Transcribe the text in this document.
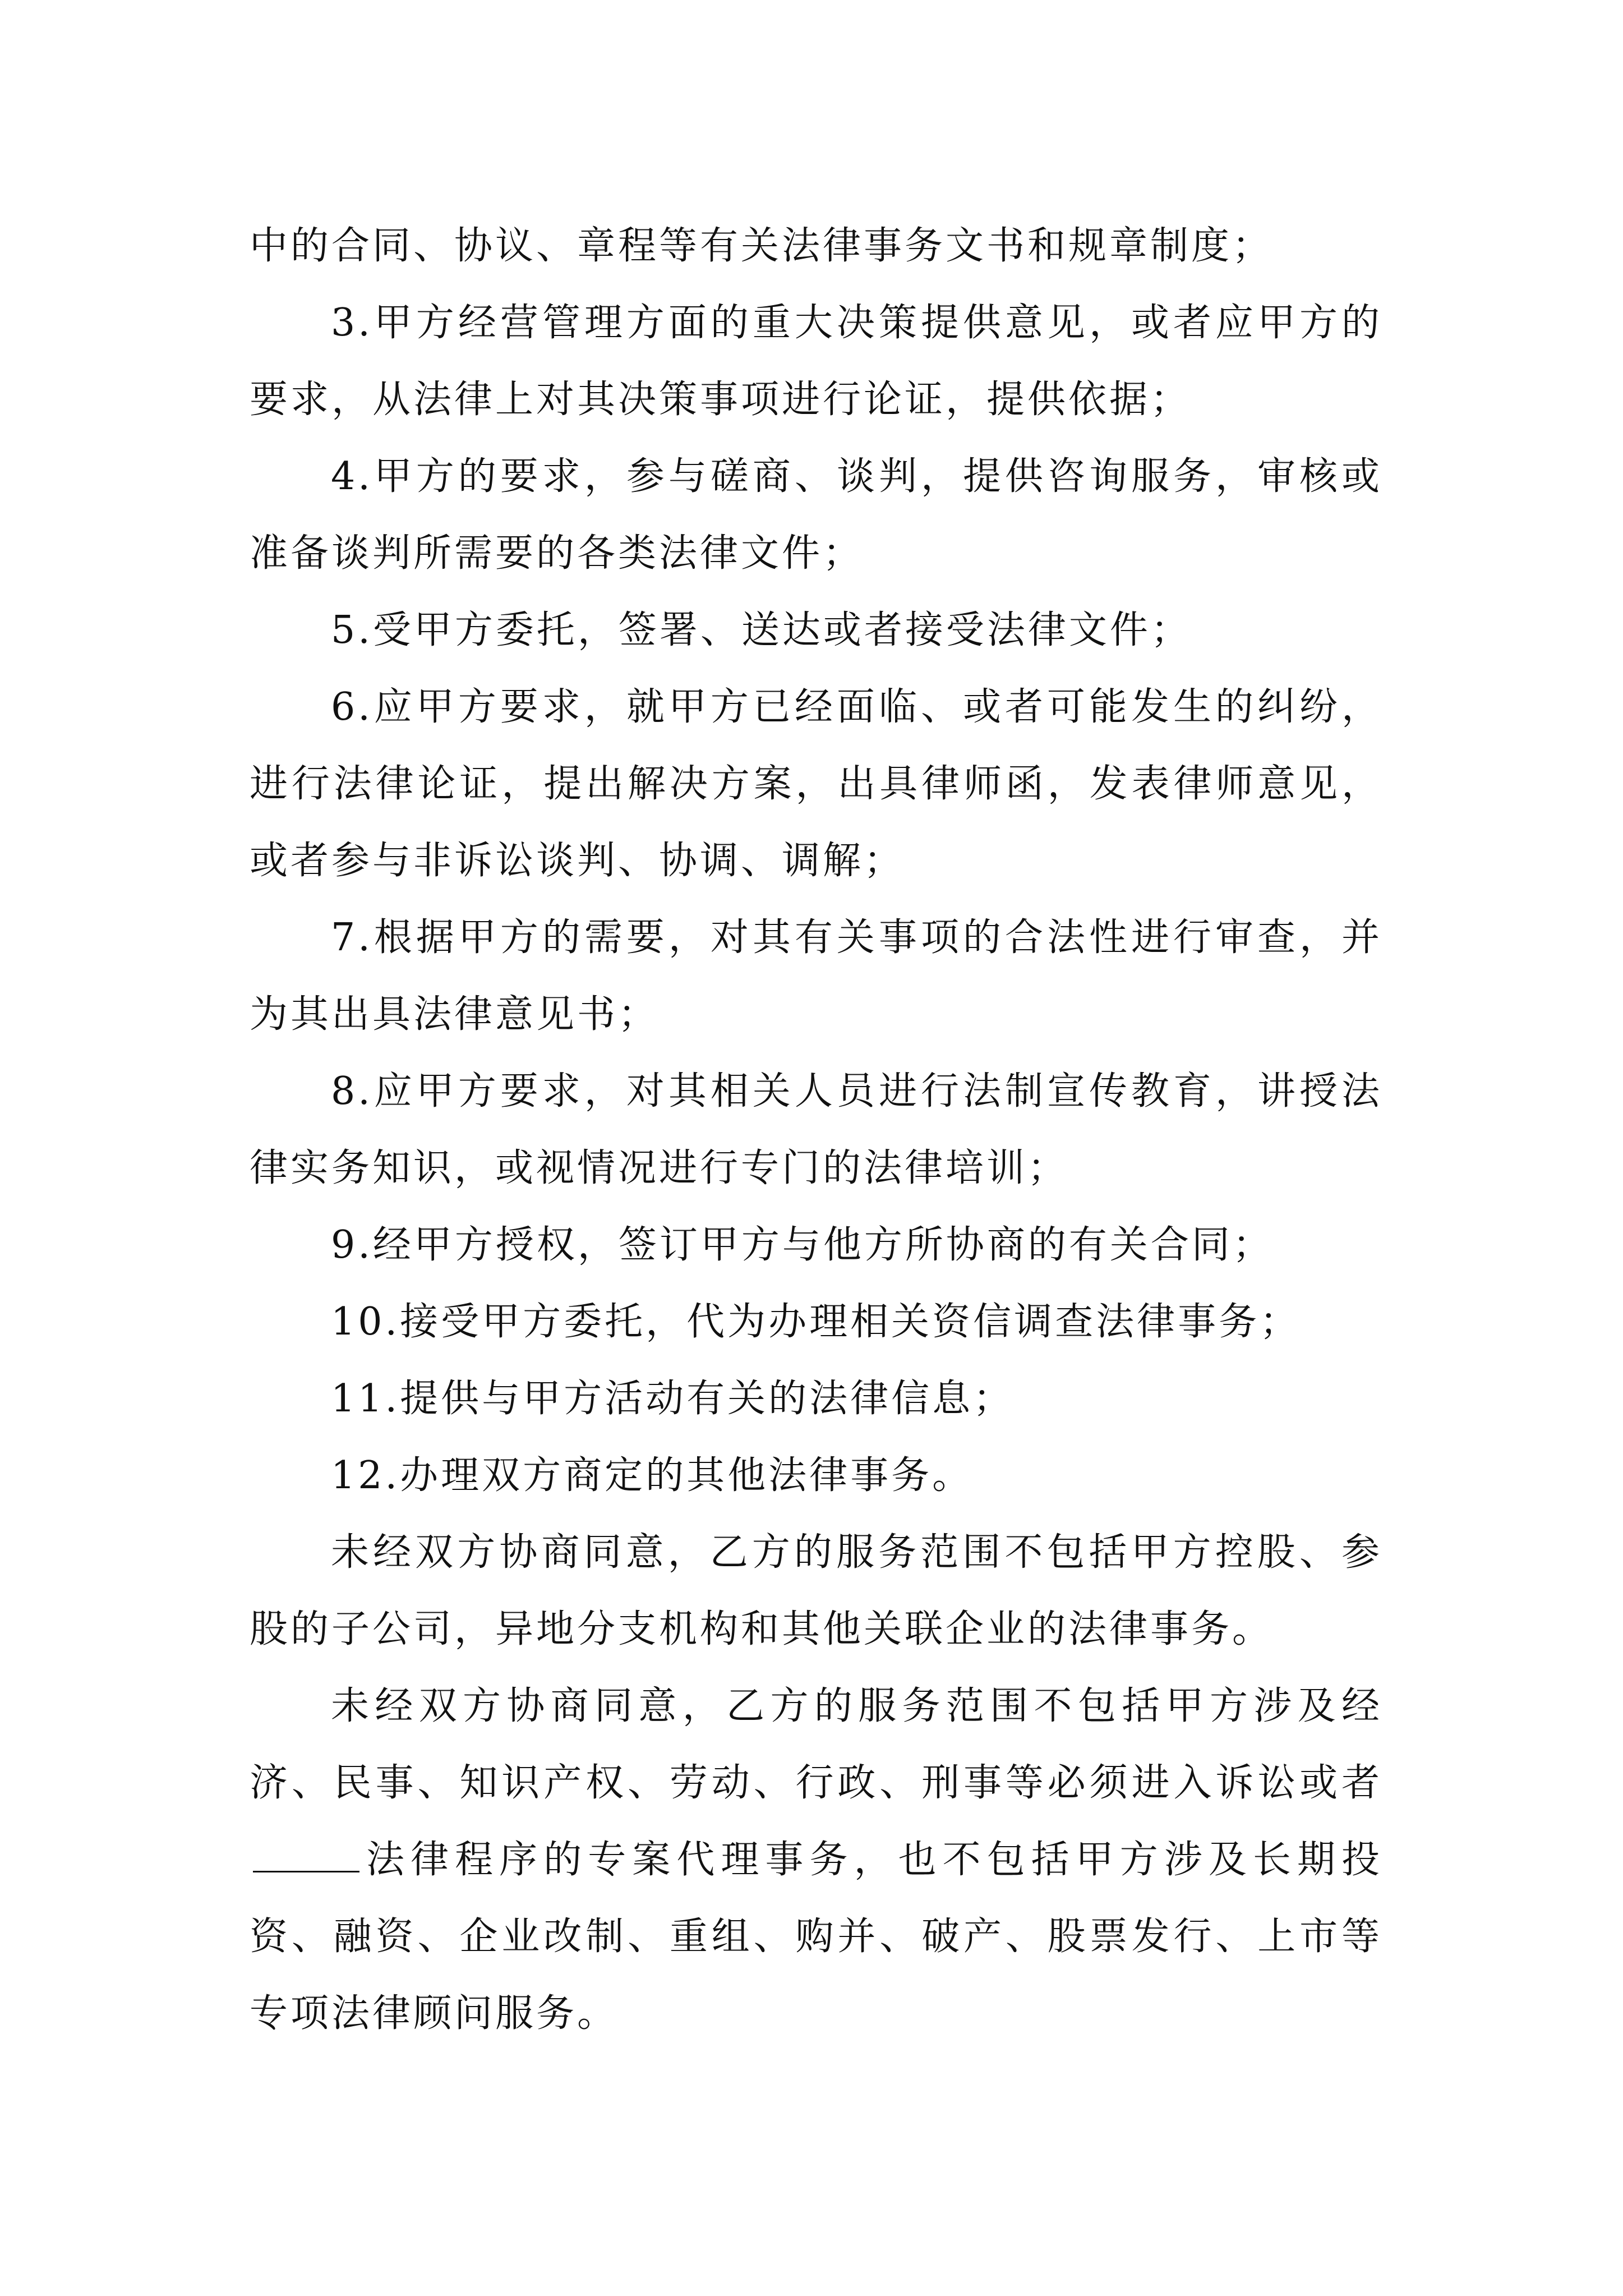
中的合同、协议、章程等有关法律事务文书和规章制度；

3.甲方经营管理方面的重大决策提供意见，或者应甲方的要求，从法律上对其决策事项进行论证，提供依据；

4.甲方的要求，参与磋商、谈判，提供咨询服务，审核或准备谈判所需要的各类法律文件；

5.受甲方委托，签署、送达或者接受法律文件；

6.应甲方要求，就甲方已经面临、或者可能发生的纠纷，进行法律论证，提出解决方案，出具律师函，发表律师意见，或者参与非诉讼谈判、协调、调解；

7.根据甲方的需要，对其有关事项的合法性进行审查，并为其出具法律意见书；

8.应甲方要求，对其相关人员进行法制宣传教育，讲授法律实务知识，或视情况进行专门的法律培训；

9.经甲方授权，签订甲方与他方所协商的有关合同；

10.接受甲方委托，代为办理相关资信调查法律事务；

11.提供与甲方活动有关的法律信息；

12.办理双方商定的其他法律事务。

未经双方协商同意，乙方的服务范围不包括甲方控股、参股的子公司，异地分支机构和其他关联企业的法律事务。

未经双方协商同意，乙方的服务范围不包括甲方涉及经济、民事、知识产权、劳动、行政、刑事等必须进入诉讼或者法律程序的专案代理事务，也不包括甲方涉及长期投资、融资、企业改制、重组、购并、破产、股票发行、上市等专项法律顾问服务。
